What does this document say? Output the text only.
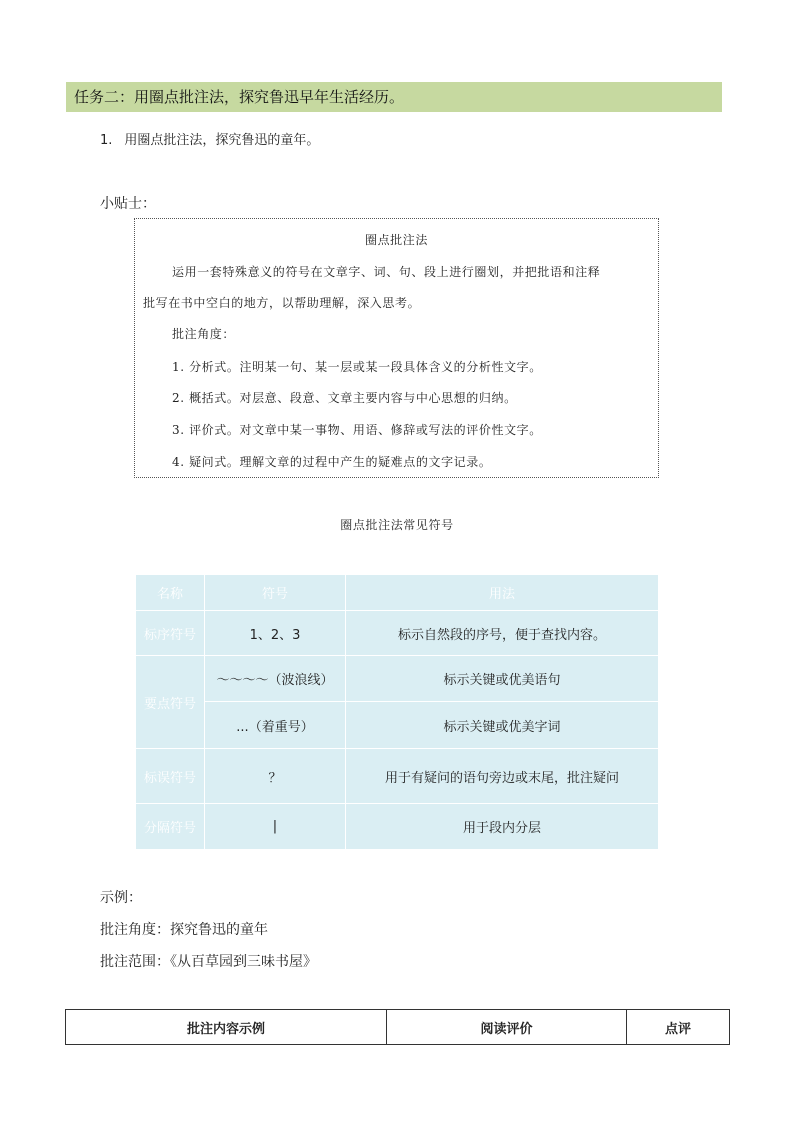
任务二：用圈点批注法，探究鲁迅早年生活经历。
1. 用圈点批注法，探究鲁迅的童年。
小贴士：
圈点批注法
运用一套特殊意义的符号在文章字、词、句、段上进行圈划，并把批语和注释
批写在书中空白的地方，以帮助理解，深入思考。
批注角度：
1. 分析式。注明某一句、某一层或某一段具体含义的分析性文字。
2. 概括式。对层意、段意、文章主要内容与中心思想的归纳。
3. 评价式。对文章中某一事物、用语、修辞或写法的评价性文字。
4. 疑问式。理解文章的过程中产生的疑难点的文字记录。
圈点批注法常见符号
名称	符号	用法
标序符号	1、2、3	标示自然段的序号，便于查找内容。
要点符号	～～～～（波浪线）	标示关键或优美语句
	...（着重号）	标示关键或优美字词
标误符号	？	用于有疑问的语句旁边或末尾，批注疑问
分隔符号	|	用于段内分层
示例：
批注角度：探究鲁迅的童年
批注范围：《从百草园到三味书屋》
批注内容示例	阅读评价	点评
